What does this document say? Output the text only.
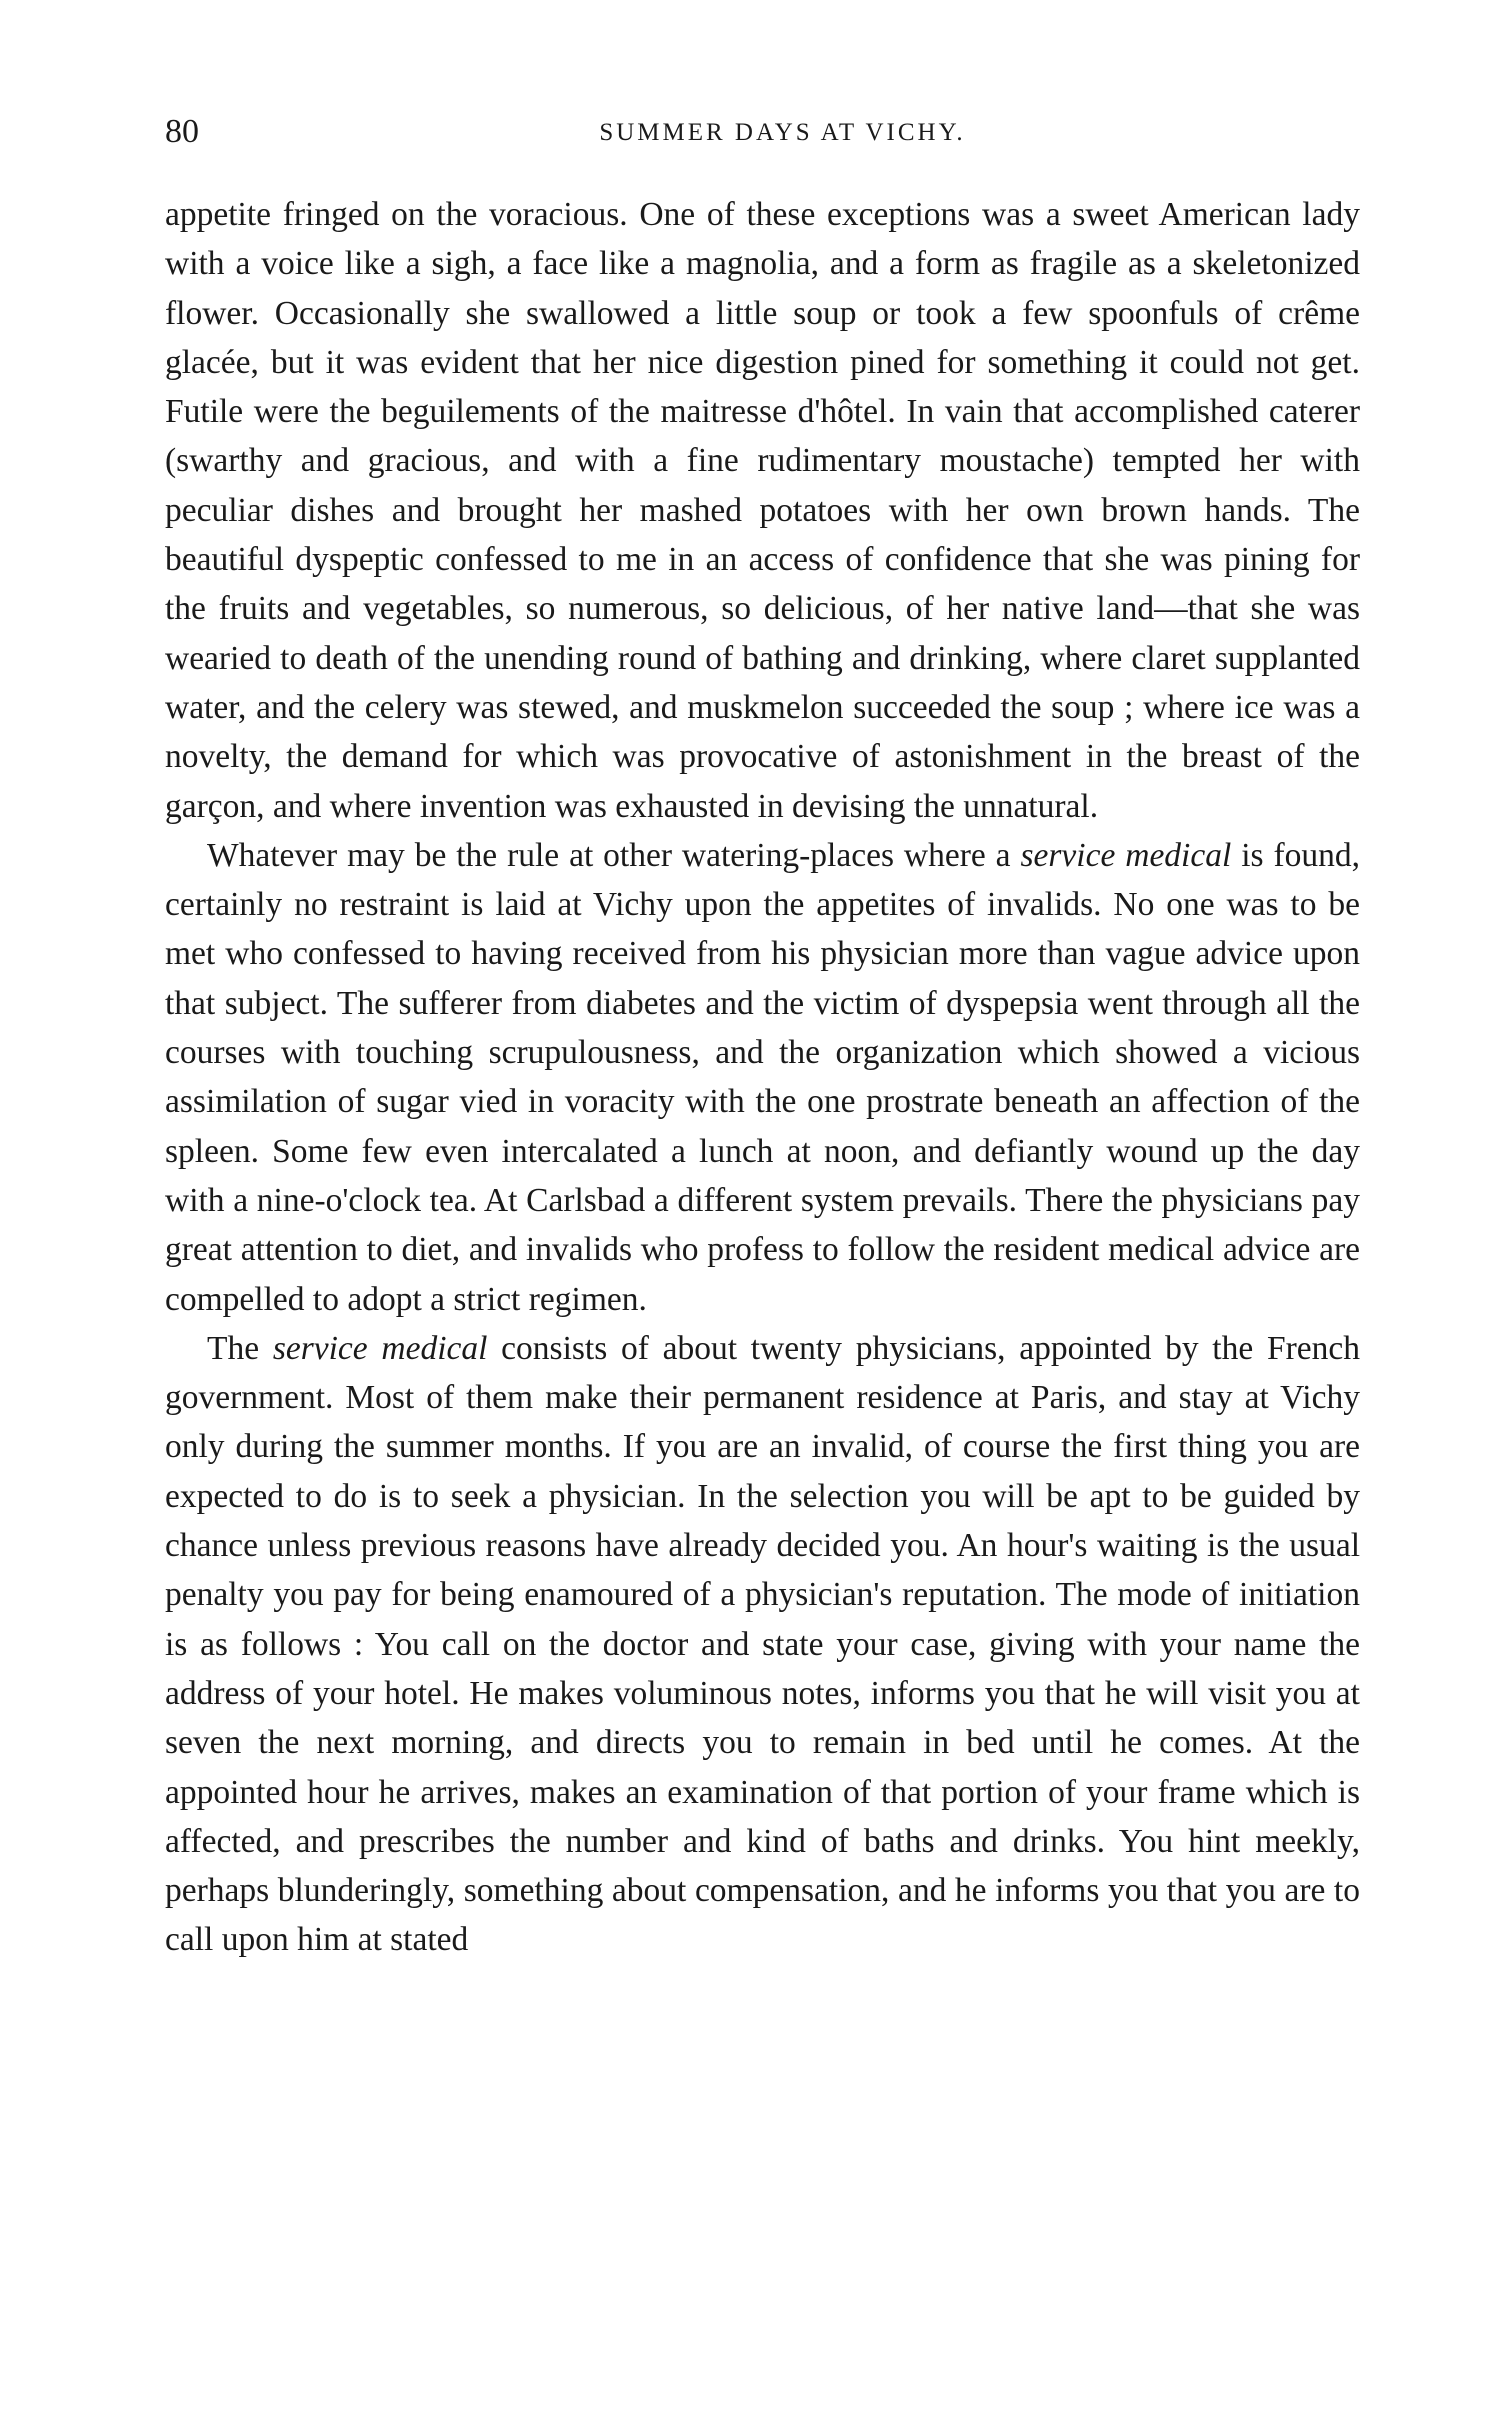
80	SUMMER DAYS AT VICHY.

appetite fringed on the voracious. One of these exceptions was a sweet American lady with a voice like a sigh, a face like a magnolia, and a form as fragile as a skeletonized flower. Occasionally she swallowed a little soup or took a few spoonfuls of crême glacée, but it was evident that her nice digestion pined for something it could not get. Futile were the beguilements of the maitresse d'hôtel. In vain that accomplished caterer (swarthy and gracious, and with a fine rudimentary moustache) tempted her with peculiar dishes and brought her mashed potatoes with her own brown hands. The beautiful dyspeptic confessed to me in an access of confidence that she was pining for the fruits and vegetables, so numerous, so delicious, of her native land—that she was wearied to death of the unending round of bathing and drinking, where claret supplanted water, and the celery was stewed, and muskmelon succeeded the soup ; where ice was a novelty, the demand for which was provocative of astonishment in the breast of the garçon, and where invention was exhausted in devising the unnatural.

Whatever may be the rule at other watering-places where a service medical is found, certainly no restraint is laid at Vichy upon the appetites of invalids. No one was to be met who confessed to having received from his physician more than vague advice upon that subject. The sufferer from diabetes and the victim of dyspepsia went through all the courses with touching scrupulousness, and the organization which showed a vicious assimilation of sugar vied in voracity with the one prostrate beneath an affection of the spleen. Some few even intercalated a lunch at noon, and defiantly wound up the day with a nine-o'clock tea. At Carlsbad a different system prevails. There the physicians pay great attention to diet, and invalids who profess to follow the resident medical advice are compelled to adopt a strict regimen.

The service medical consists of about twenty physicians, appointed by the French government. Most of them make their permanent residence at Paris, and stay at Vichy only during the summer months. If you are an invalid, of course the first thing you are expected to do is to seek a physician. In the selection you will be apt to be guided by chance unless previous reasons have already decided you. An hour's waiting is the usual penalty you pay for being enamoured of a physician's reputation. The mode of initiation is as follows : You call on the doctor and state your case, giving with your name the address of your hotel. He makes voluminous notes, informs you that he will visit you at seven the next morning, and directs you to remain in bed until he comes. At the appointed hour he arrives, makes an examination of that portion of your frame which is affected, and prescribes the number and kind of baths and drinks. You hint meekly, perhaps blunderingly, something about compensation, and he informs you that you are to call upon him at stated
